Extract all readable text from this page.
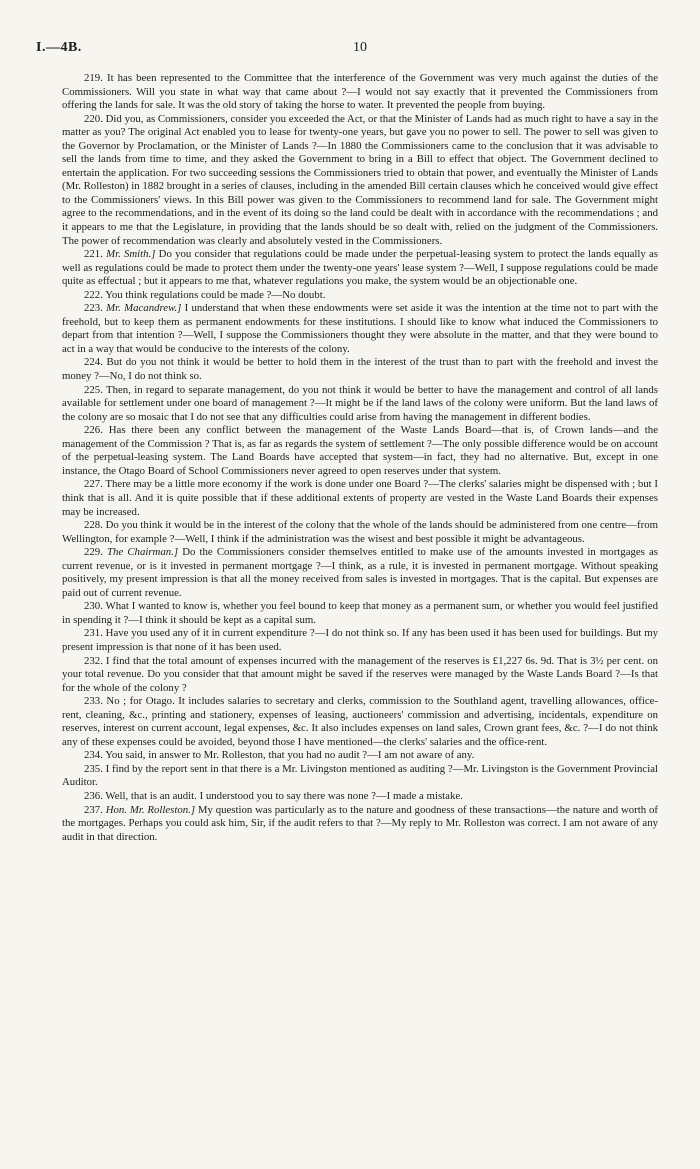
I.—4B.	10

219. It has been represented to the Committee that the interference of the Government was very much against the duties of the Commissioners. Will you state in what way that came about ?—I would not say exactly that it prevented the Commissioners from offering the lands for sale. It was the old story of taking the horse to water. It prevented the people from buying.

220. Did you, as Commissioners, consider you exceeded the Act, or that the Minister of Lands had as much right to have a say in the matter as you? The original Act enabled you to lease for twenty-one years, but gave you no power to sell. The power to sell was given to the Governor by Proclamation, or the Minister of Lands ?—In 1880 the Commissioners came to the conclusion that it was advisable to sell the lands from time to time, and they asked the Government to bring in a Bill to effect that object. The Government declined to entertain the application. For two succeeding sessions the Commissioners tried to obtain that power, and eventually the Minister of Lands (Mr. Rolleston) in 1882 brought in a series of clauses, including in the amended Bill certain clauses which he conceived would give effect to the Commissioners' views. In this Bill power was given to the Commissioners to recommend land for sale. The Government might agree to the recommendations, and in the event of its doing so the land could be dealt with in accordance with the recommendations ; and it appears to me that the Legislature, in providing that the lands should be so dealt with, relied on the judgment of the Commissioners. The power of recommendation was clearly and absolutely vested in the Commissioners.

221. Mr. Smith.] Do you consider that regulations could be made under the perpetual-leasing system to protect the lands equally as well as regulations could be made to protect them under the twenty-one years' lease system ?—Well, I suppose regulations could be made quite as effectual ; but it appears to me that, whatever regulations you make, the system would be an objectionable one.

222. You think regulations could be made ?—No doubt.

223. Mr. Macandrew.] I understand that when these endowments were set aside it was the intention at the time not to part with the freehold, but to keep them as permanent endowments for these institutions. I should like to know what induced the Commissioners to depart from that intention ?—Well, I suppose the Commissioners thought they were absolute in the matter, and that they were bound to act in a way that would be conducive to the interests of the colony.

224. But do you not think it would be better to hold them in the interest of the trust than to part with the freehold and invest the money ?—No, I do not think so.

225. Then, in regard to separate management, do you not think it would be better to have the management and control of all lands available for settlement under one board of management ?—It might be if the land laws of the colony were uniform. But the land laws of the colony are so mosaic that I do not see that any difficulties could arise from having the management in different bodies.

226. Has there been any conflict between the management of the Waste Lands Board—that is, of Crown lands—and the management of the Commission ? That is, as far as regards the system of settlement ?—The only possible difference would be on account of the perpetual-leasing system. The Land Boards have accepted that system—in fact, they had no alternative. But, except in one instance, the Otago Board of School Commissioners never agreed to open reserves under that system.

227. There may be a little more economy if the work is done under one Board ?—The clerks' salaries might be dispensed with ; but I think that is all. And it is quite possible that if these additional extents of property are vested in the Waste Land Boards their expenses may be increased.

228. Do you think it would be in the interest of the colony that the whole of the lands should be administered from one centre—from Wellington, for example ?—Well, I think if the administration was the wisest and best possible it might be advantageous.

229. The Chairman.] Do the Commissioners consider themselves entitled to make use of the amounts invested in mortgages as current revenue, or is it invested in permanent mortgage ?—I think, as a rule, it is invested in permanent mortgage. Without speaking positively, my present impression is that all the money received from sales is invested in mortgages. That is the capital. But expenses are paid out of current revenue.

230. What I wanted to know is, whether you feel bound to keep that money as a permanent sum, or whether you would feel justified in spending it ?—I think it should be kept as a capital sum.

231. Have you used any of it in current expenditure ?—I do not think so. If any has been used it has been used for buildings. But my present impression is that none of it has been used.

232. I find that the total amount of expenses incurred with the management of the reserves is £1,227 6s. 9d. That is 3½ per cent. on your total revenue. Do you consider that that amount might be saved if the reserves were managed by the Waste Lands Board ?—Is that for the whole of the colony ?

233. No ; for Otago. It includes salaries to secretary and clerks, commission to the Southland agent, travelling allowances, office-rent, cleaning, &c., printing and stationery, expenses of leasing, auctioneers' commission and advertising, incidentals, expenditure on reserves, interest on current account, legal expenses, &c. It also includes expenses on land sales, Crown grant fees, &c. ?—I do not think any of these expenses could be avoided, beyond those I have mentioned—the clerks' salaries and the office-rent.

234. You said, in answer to Mr. Rolleston, that you had no audit ?—I am not aware of any.

235. I find by the report sent in that there is a Mr. Livingston mentioned as auditing ?—Mr. Livingston is the Government Provincial Auditor.

236. Well, that is an audit. I understood you to say there was none ?—I made a mistake.

237. Hon. Mr. Rolleston.] My question was particularly as to the nature and goodness of these transactions—the nature and worth of the mortgages. Perhaps you could ask him, Sir, if the audit refers to that ?—My reply to Mr. Rolleston was correct. I am not aware of any audit in that direction.
